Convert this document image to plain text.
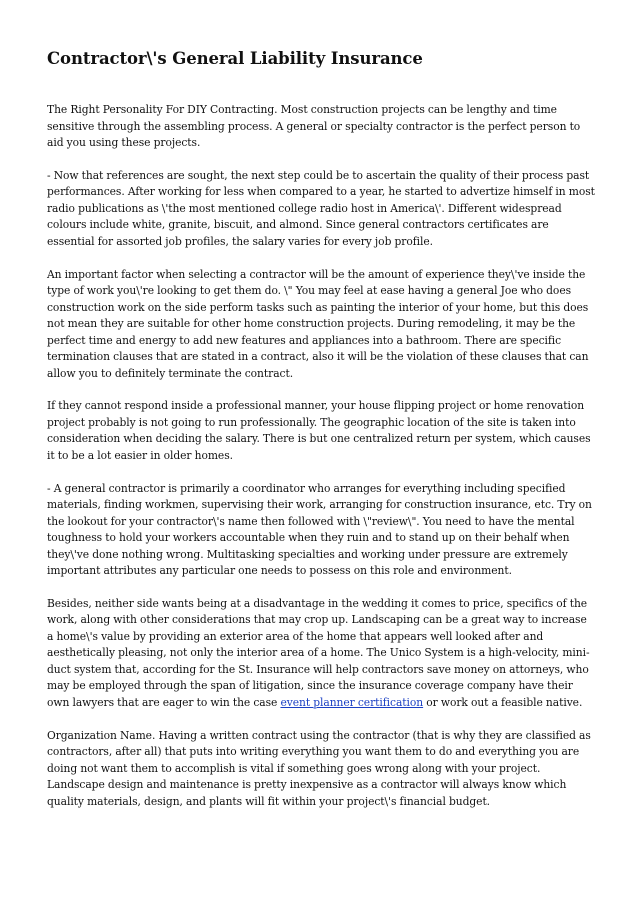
Contractor\'s General Liability Insurance

The Right Personality For DIY Contracting. Most construction projects can be lengthy and time sensitive through the assembling process. A general or specialty contractor is the perfect person to aid you using these projects.

- Now that references are sought, the next step could be to ascertain the quality of their process past performances. After working for less when compared to a year, he started to advertize himself in most radio publications as \'the most mentioned college radio host in America\'. Different widespread colours include white, granite, biscuit, and almond. Since general contractors certificates are essential for assorted job profiles, the salary varies for every job profile.

An important factor when selecting a contractor will be the amount of experience they\'ve inside the type of work you\'re looking to get them do. \" You may feel at ease having a general Joe who does construction work on the side perform tasks such as painting the interior of your home, but this does not mean they are suitable for other home construction projects. During remodeling, it may be the perfect time and energy to add new features and appliances into a bathroom. There are specific termination clauses that are stated in a contract, also it will be the violation of these clauses that can allow you to definitely terminate the contract.

If they cannot respond inside a professional manner, your house flipping project or home renovation project probably is not going to run professionally. The geographic location of the site is taken into consideration when deciding the salary. There is but one centralized return per system, which causes it to be a lot easier in older homes.

- A general contractor is primarily a coordinator who arranges for everything including specified materials, finding workmen, supervising their work, arranging for construction insurance, etc. Try on the lookout for your contractor\'s name then followed with \"review\". You need to have the mental toughness to hold your workers accountable when they ruin and to stand up on their behalf when they\'ve done nothing wrong. Multitasking specialties and working under pressure are extremely important attributes any particular one needs to possess on this role and environment.

Besides, neither side wants being at a disadvantage in the wedding it comes to price, specifics of the work, along with other considerations that may crop up. Landscaping can be a great way to increase a home\'s value by providing an exterior area of the home that appears well looked after and aesthetically pleasing, not only the interior area of a home. The Unico System is a high-velocity, mini-duct system that, according for the St. Insurance will help contractors save money on attorneys, who may be employed through the span of litigation, since the insurance coverage company have their own lawyers that are eager to win the case event planner certification or work out a feasible native.

Organization Name. Having a written contract using the contractor (that is why they are classified as contractors, after all) that puts into writing everything you want them to do and everything you are doing not want them to accomplish is vital if something goes wrong along with your project. Landscape design and maintenance is pretty inexpensive as a contractor will always know which quality materials, design, and plants will fit within your project\'s financial budget.
